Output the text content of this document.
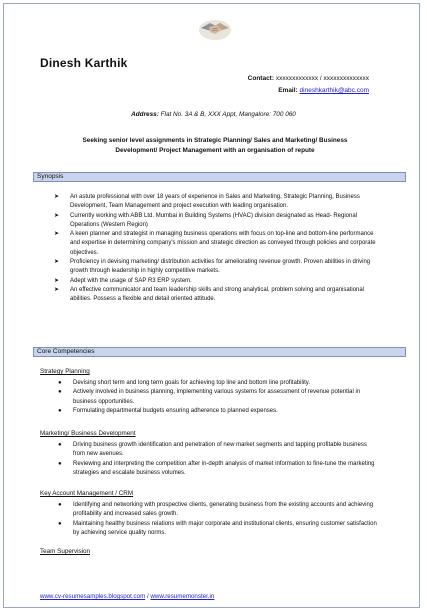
Dinesh Karthik
Contact: xxxxxxxxxxxxx / xxxxxxxxxxxxxx
Email: dineshkarthik@abc.com
Address: Flat No. 3A & B, XXX Appt, Mangalore: 700 060
Seeking senior level assignments in Strategic Planning/ Sales and Marketing/ Business
Development/ Project Management with an organisation of repute
Synopsis
➤ An astute professional with over 18 years of experience in Sales and Marketing, Strategic Planning, Business Development, Team Management and project execution with leading organisation.
➤ Currently working with ABB Ltd. Mumbai in Building Systems (HVAC) division designated as Head- Regional Operations (Western Region)
➤ A keen planner and strategist in managing business operations with focus on top-line and bottom-line performance and expertise in determining company's mission and strategic direction as conveyed through policies and corporate objectives.
➤ Proficiency in devising marketing/ distribution activities for ameliorating revenue growth. Proven abilities in driving growth through leadership in highly competitive markets.
➤ Adept with the usage of SAP R3 ERP system.
➤ An effective communicator and team leadership skills and strong analytical, problem solving and organisational abilities. Possess a flexible and detail oriented attitude.
Core Competencies
Strategy Planning
● Devising short term and long term goals for achieving top line and bottom line profitability.
● Actively involved in business planning, implementing various systems for assessment of revenue potential in business opportunities.
● Formulating departmental budgets ensuring adherence to planned expenses.
Marketing/ Business Development
● Driving business growth identification and penetration of new market segments and tapping profitable business from new avenues.
● Reviewing and interpreting the competition after in-depth analysis of market information to fine-tune the marketing strategies and escalate business volumes.
Key Account Management / CRM
● Identifying and networking with prospective clients, generating business from the existing accounts and achieving profitability and increased sales growth.
● Maintaining healthy business relations with major corporate and institutional clients, ensuring customer satisfaction by achieving service quality norms.
Team Supervision
www.cv-resumesamples.blogspot.com / www.resumemonster.in
